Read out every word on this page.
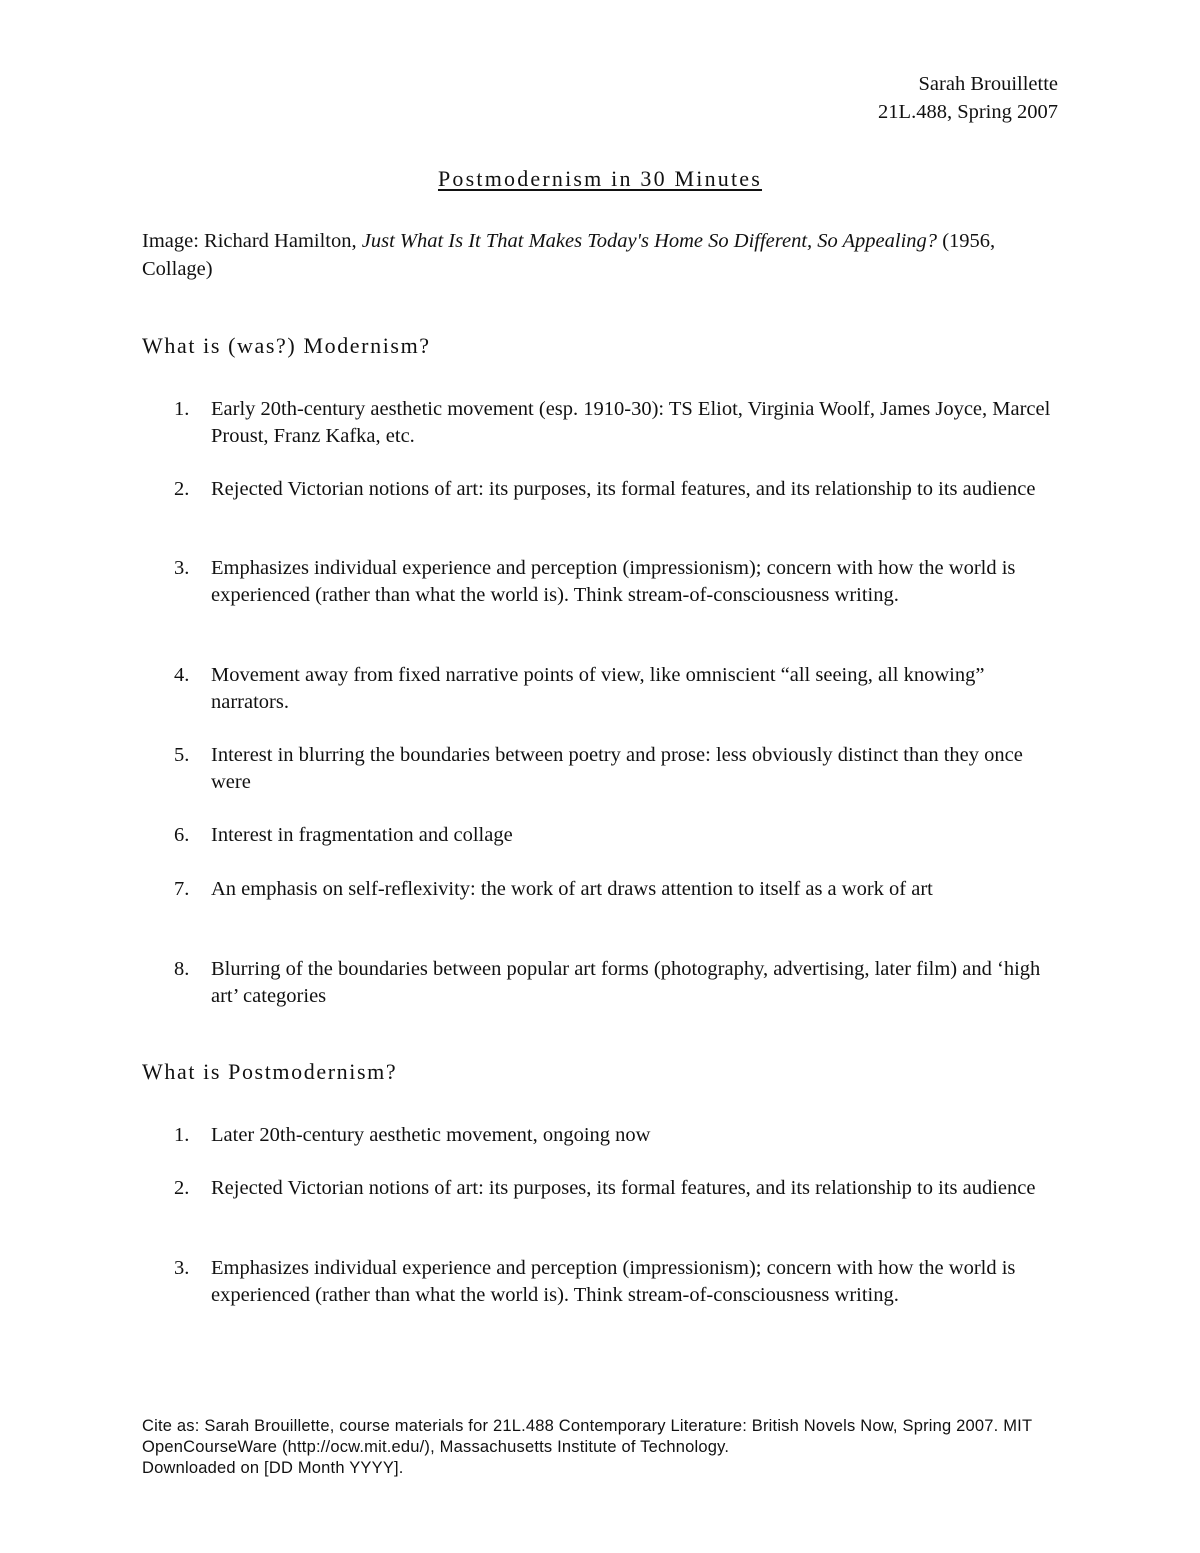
Sarah Brouillette
21L.488, Spring 2007
Postmodernism in 30 Minutes
Image: Richard Hamilton, Just What Is It That Makes Today's Home So Different, So Appealing? (1956, Collage)
What is (was?) Modernism?
1. Early 20th-century aesthetic movement (esp. 1910-30): TS Eliot, Virginia Woolf, James Joyce, Marcel Proust, Franz Kafka, etc.
2. Rejected Victorian notions of art: its purposes, its formal features, and its relationship to its audience
3. Emphasizes individual experience and perception (impressionism); concern with how the world is experienced (rather than what the world is). Think stream-of-consciousness writing.
4. Movement away from fixed narrative points of view, like omniscient “all seeing, all knowing” narrators.
5. Interest in blurring the boundaries between poetry and prose: less obviously distinct than they once were
6. Interest in fragmentation and collage
7. An emphasis on self-reflexivity: the work of art draws attention to itself as a work of art
8. Blurring of the boundaries between popular art forms (photography, advertising, later film) and ‘high art’ categories
What is Postmodernism?
1. Later 20th-century aesthetic movement, ongoing now
2. Rejected Victorian notions of art: its purposes, its formal features, and its relationship to its audience
3. Emphasizes individual experience and perception (impressionism); concern with how the world is experienced (rather than what the world is). Think stream-of-consciousness writing.
Cite as: Sarah Brouillette, course materials for 21L.488 Contemporary Literature: British Novels Now, Spring 2007. MIT OpenCourseWare (http://ocw.mit.edu/), Massachusetts Institute of Technology.
Downloaded on [DD Month YYYY].
